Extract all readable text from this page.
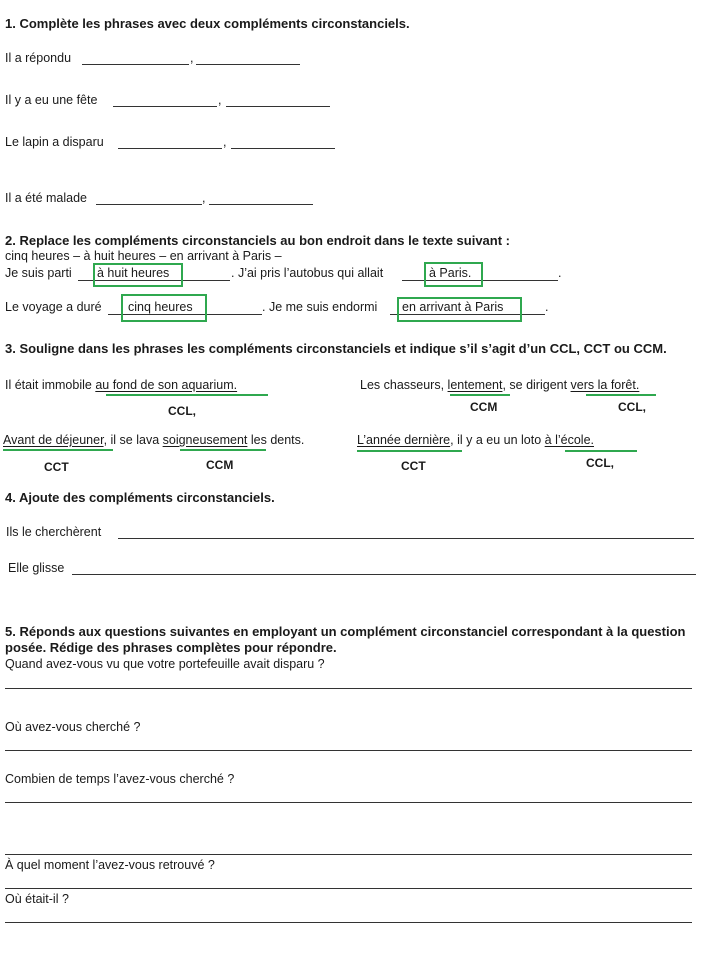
1. Complète les phrases avec deux compléments circonstanciels.
Il a répondu	,
Il y a eu une fête	,
Le lapin a disparu	,
Il a été malade	,
2. Replace les compléments circonstanciels au bon endroit dans le texte suivant :
cinq heures – à huit heures – en arrivant à Paris –
Je suis parti à huit heures	. J’ai pris l’autobus qui allait	à Paris.	.
Le voyage a duré cinq heures	. Je me suis endormi en arrivant à Paris	.
3. Souligne dans les phrases les compléments circonstanciels et indique s’il s’agit d’un CCL, CCT ou CCM.
Il était immobile au fond de son aquarium.
CCL,
Les chasseurs, lentement, se dirigent vers la forêt.
CCM	CCL,
Avant de déjeuner, il se lava soigneusement les dents.
CCT	CCM
L’année dernière, il y a eu un loto à l’école.
CCT	CCL,
4. Ajoute des compléments circonstanciels.
Ils le cherchèrent
Elle glisse
5. Réponds aux questions suivantes en employant un complément circonstanciel correspondant à la question
posée. Rédige des phrases complètes pour répondre.
Quand avez-vous vu que votre portefeuille avait disparu ?
Où avez-vous cherché ?
Combien de temps l’avez-vous cherché ?
À quel moment l’avez-vous retrouvé ?
Où était-il ?
